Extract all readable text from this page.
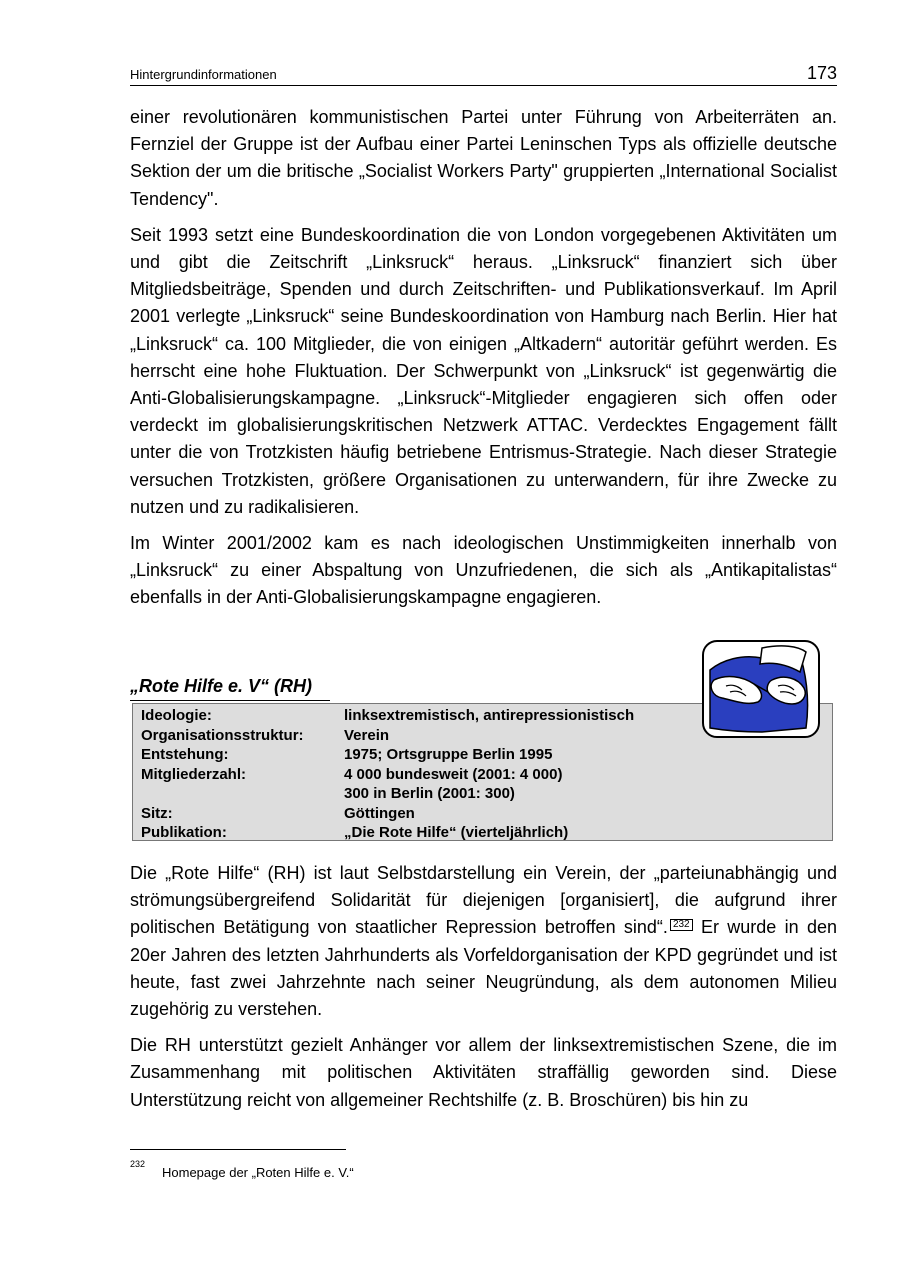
Hintergrundinformationen	173

einer revolutionären kommunistischen Partei unter Führung von Arbeiterräten an. Fernziel der Gruppe ist der Aufbau einer Partei Leninschen Typs als offizielle deutsche Sektion der um die britische „Socialist Workers Party" gruppierten „International Socialist Tendency".

Seit 1993 setzt eine Bundeskoordination die von London vorgegebenen Aktivitäten um und gibt die Zeitschrift „Linksruck“ heraus. „Linksruck“ finanziert sich über Mitgliedsbeiträge, Spenden und durch Zeitschriften- und Publikationsverkauf. Im April 2001 verlegte „Linksruck“ seine Bundeskoordination von Hamburg nach Berlin. Hier hat „Linksruck“ ca. 100 Mitglieder, die von einigen „Altkadern“ autoritär geführt werden. Es herrscht eine hohe Fluktuation. Der Schwerpunkt von „Linksruck“ ist gegenwärtig die Anti-Globalisierungskampagne. „Linksruck“-Mitglieder engagieren sich offen oder verdeckt im globalisierungskritischen Netzwerk ATTAC. Verdecktes Engagement fällt unter die von Trotzkisten häufig betriebene Entrismus-Strategie. Nach dieser Strategie versuchen Trotzkisten, größere Organisationen zu unterwandern, für ihre Zwecke zu nutzen und zu radikalisieren.

Im Winter 2001/2002 kam es nach ideologischen Unstimmigkeiten innerhalb von „Linksruck“ zu einer Abspaltung von Unzufriedenen, die sich als „Antikapitalistas“ ebenfalls in der Anti-Globalisierungskampagne engagieren.

„Rote Hilfe e. V“ (RH)
Ideologie:	linksextremistisch, antirepressionistisch
Organisationsstruktur:	Verein
Entstehung:	1975; Ortsgruppe Berlin 1995
Mitgliederzahl:	4 000 bundesweit (2001: 4 000)
300 in Berlin (2001: 300)
Sitz:	Göttingen
Publikation:	„Die Rote Hilfe“ (vierteljährlich)

Die „Rote Hilfe“ (RH) ist laut Selbstdarstellung ein Verein, der „parteiunabhängig und strömungsübergreifend Solidarität für diejenigen [organisiert], die aufgrund ihrer politischen Betätigung von staatlicher Repression betroffen sind“. 232 Er wurde in den 20er Jahren des letzten Jahrhunderts als Vorfeldorganisation der KPD gegründet und ist heute, fast zwei Jahrzehnte nach seiner Neugründung, als dem autonomen Milieu zugehörig zu verstehen.

Die RH unterstützt gezielt Anhänger vor allem der linksextremistischen Szene, die im Zusammenhang mit politischen Aktivitäten straffällig geworden sind. Diese Unterstützung reicht von allgemeiner Rechtshilfe (z. B. Broschüren) bis hin zu

232
Homepage der „Roten Hilfe e. V.“
